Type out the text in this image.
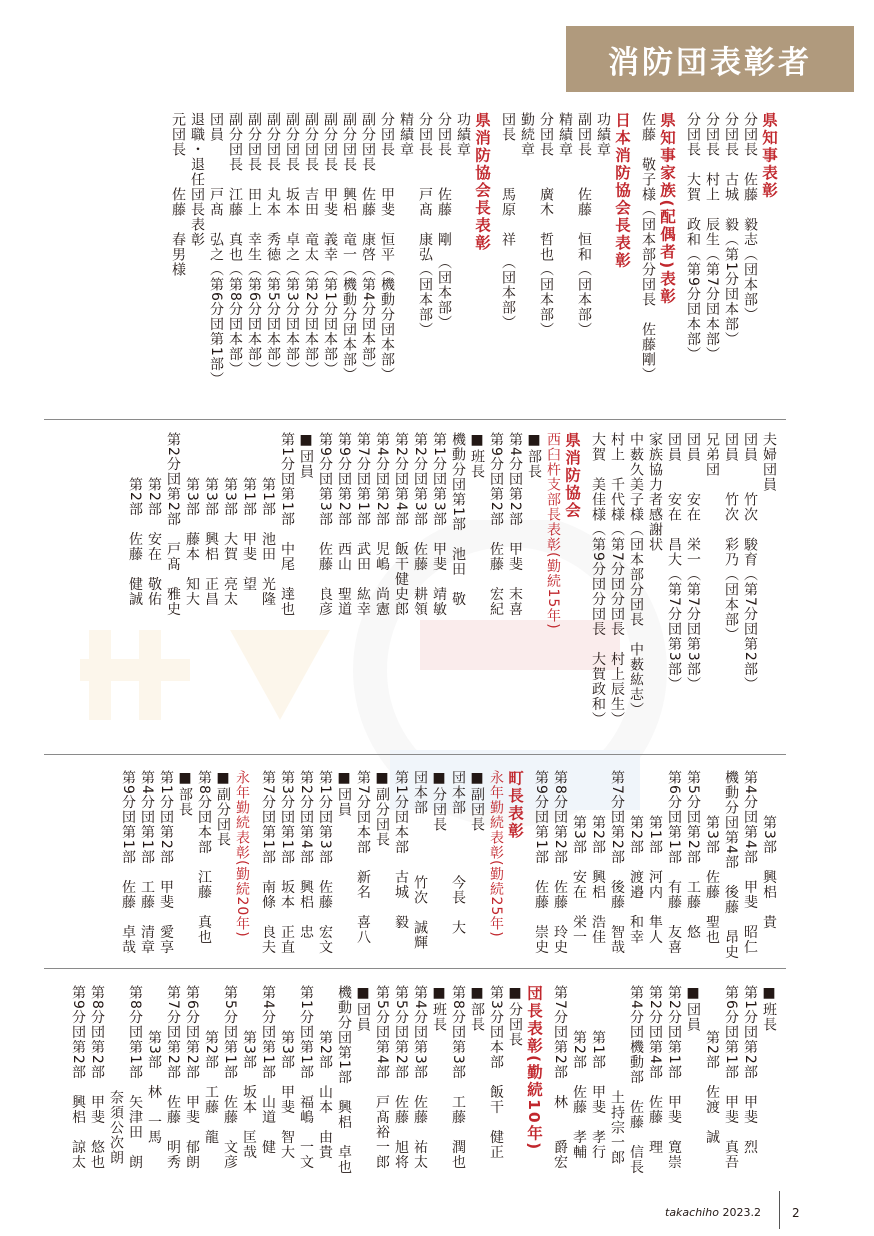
消防団表彰者
県知事表彰
分団長　佐藤　毅志（団本部）
分団長　古城　毅（第1分団本部）
分団長　村上　辰生（第7分団本部）
分団長　大賀　政和（第9分団本部）
県知事家族(配偶者)表彰
佐藤　敬子様（団本部分団長　佐藤剛）
日本消防協会長表彰
功績章
副団長　　佐藤　恒和（団本部）
精績章
分団長　　廣木　哲也（団本部）
勤続章
団長　　　馬原　祥　（団本部）
県消防協会長表彰
功績章
分団長　　佐藤　剛　（団本部）
分団長　　戸髙　康弘（団本部）
精績章
分団長　　甲斐　恒平（機動分団本部）
副分団長　佐藤　康啓（第4分団本部）
副分団長　興梠　竜一（機動分団本部）
副分団長　甲斐　義幸（第1分団本部）
副分団長　吉田　竜太（第2分団本部）
副分団長　坂本　卓之（第3分団本部）
副分団長　丸本　秀徳（第5分団本部）
副分団長　田上　幸生（第6分団本部）
副分団長　江藤　真也（第8分団本部）
団員　　　戸髙　弘之（第6分団第1部）
退職・退任団長表彰
元団長　　佐藤　春男様
夫婦団員
団員　　竹次　駿育（第7分団第2部）
団員　　竹次　彩乃（団本部）
兄弟団
団員　　安在　栄一（第7分団第3部）
団員　　安在　昌大（第7分団第3部）
家族協力者感謝状
中薮久美子様（団本部分団長　中薮紘志）
村上　千代様（第7分団分団長　村上辰生）
大賀　美佳様（第9分団分団長　大賀政和）
県消防協会
西臼杵支部長表彰(勤続15年)
■ 部長
第4分団第2部　甲斐　末喜
第9分団第2部　佐藤　宏紀
■ 班長
機動分団第1部　池田　敬
第1分団第3部　甲斐　靖敏
第2分団第3部　佐藤　耕領
第2分団第4部　飯干健史郎
第4分団第2部　児嶋　尚憲
第7分団第1部　武田　紘幸
第9分団第2部　西山　聖道
第9分団第3部　佐藤　良彦
■ 団員
第1分団第1部　中尾　達也
　　　第1部　池田　光隆
　　　第1部　甲斐　望
　　　第3部　大賀　亮太
　　　第3部　興梠　正昌
　　　第3部　藤本　知大
第2分団第2部　戸髙　雅史
　　　第2部　安在　敬佑
　　　第2部　佐藤　健誠
　　　第3部　興梠　貴
第4分団第4部　甲斐　昭仁
機動分団第4部　後藤　昂史
　　　第3部　佐藤　聖也
第5分団第2部　工藤　悠
第6分団第1部　有藤　友喜
　　　第1部　河内　隼人
　　　第2部　渡邉　和幸
第7分団第2部　後藤　智哉
　　　第2部　興梠　浩佳
　　　第3部　安在　栄一
第8分団第2部　佐藤　玲史
第9分団第1部　佐藤　崇史
町長表彰
永年勤続表彰(勤続25年)
■ 副団長
団本部　　　　今長　大
■ 分団長
団本部　　　　竹次　誠輝
第1分団本部　古城　毅
■ 副分団長
第7分団本部　新名　喜八
■ 団員
第1分団第3部　佐藤　宏文
第2分団第4部　興梠　忠
第3分団第1部　坂本　正直
第7分団第1部　南條　良夫
永年勤続表彰(勤続20年)
■ 副分団長
第8分団本部　江藤　真也
■ 部長
第1分団第2部　甲斐　愛享
第4分団第1部　工藤　清章
第9分団第1部　佐藤　卓哉
■ 班長
第1分団第2部　甲斐　烈
第6分団第1部　甲斐　真吾
　　　第2部　佐渡　誠
■ 団員
第2分団第1部　甲斐　寛崇
第2分団第4部　佐藤　理
第4分団機動部　佐藤　信長
　　　　　　　土持宗一郎
　　　第1部　甲斐　孝行
　　　第2部　佐藤　孝輔
第7分団第2部　林　　爵宏
団長表彰(勤続10年)
■ 分団長
第3分団本部　飯干　健正
■ 部長
第8分団第3部　工藤　潤也
■ 班長
第4分団第3部　佐藤　祐太
第5分団第2部　佐藤　旭将
第5分団第4部　戸髙裕一郎
■ 団員
機動分団第1部　興梠　卓也
　　　第2部　山本　由貴
第1分団第1部　福嶋　一文
　　　第3部　甲斐　智大
第4分団第1部　山道　健
　　　第3部　坂本　匡哉
第5分団第1部　佐藤　文彦
　　　第2部　工藤　龍
第6分団第2部　甲斐　郁朗
第7分団第2部　佐藤　明秀
　　　第3部　林　一馬
第8分団第1部　矢津田　朗
　　　　　　　奈須公次朗
第8分団第2部　甲斐　悠也
第9分団第2部　興梠　諒太
takachiho 2023.2	2
